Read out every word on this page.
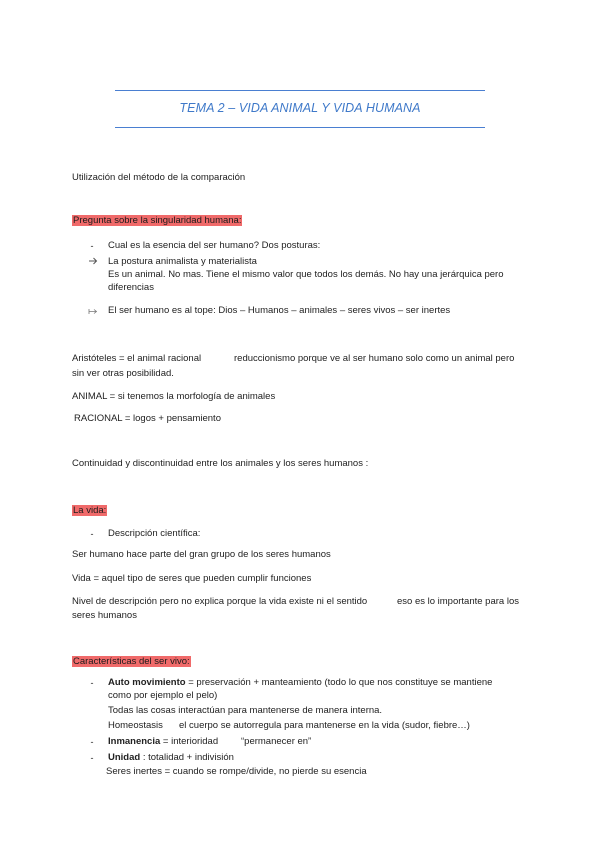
TEMA 2 – VIDA ANIMAL Y VIDA HUMANA
Utilización del método de la comparación
Pregunta sobre la singularidad humana:
-	Cual es la esencia del ser humano? Dos posturas:
La postura animalista y materialista
Es un animal. No mas. Tiene el mismo valor que todos los demás. No hay una jerárquica pero
diferencias
El ser humano es al tope: Dios – Humanos – animales – seres vivos – ser inertes
Aristóteles = el animal racional	reduccionismo porque ve al ser humano solo como un animal pero
sin ver otras posibilidad.
ANIMAL = si tenemos la morfología de animales
RACIONAL = logos + pensamiento
Continuidad y discontinuidad entre los animales y los seres humanos :
La vida:
-	Descripción científica:
Ser humano hace parte del gran grupo de los seres humanos
Vida = aquel tipo de seres que pueden cumplir funciones
Nivel de descripción pero no explica porque la vida existe ni el sentido	eso es lo importante para los
seres humanos
Características del ser vivo:
-	Auto movimiento = preservación + manteamiento (todo lo que nos constituye se mantiene
como por ejemplo el pelo)
Todas las cosas interactúan para mantenerse de manera interna.
Homeostasis el cuerpo se autorregula para mantenerse en la vida (sudor, fiebre…)
-	Inmanencia = interioridad “permanecer en”
-	Unidad : totalidad + indivisión
Seres inertes = cuando se rompe/divide, no pierde su esencia
